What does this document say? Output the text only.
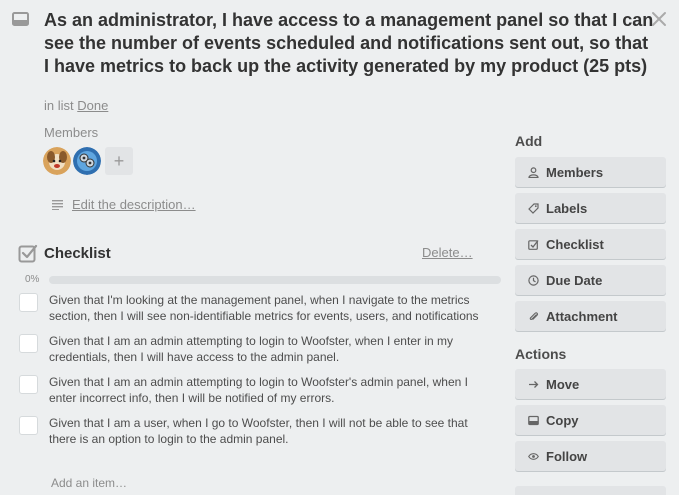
As an administrator, I have access to a management panel so that I can see the number of events scheduled and notifications sent out, so that I have metrics to back up the activity generated by my product (25 pts)
in list Done
Members
+
Edit the description…
Checklist	Delete…
0%
Given that I'm looking at the management panel, when I navigate to the metrics section, then I will see non-identifiable metrics for events, users, and notifications
Given that I am an admin attempting to login to Woofster, when I enter in my credentials, then I will have access to the admin panel.
Given that I am an admin attempting to login to Woofster's admin panel, when I enter incorrect info, then I will be notified of my errors.
Given that I am a user, when I go to Woofster, then I will not be able to see that there is an option to login to the admin panel.
Add an item…
Add
Members
Labels
Checklist
Due Date
Attachment
Actions
Move
Copy
Follow
